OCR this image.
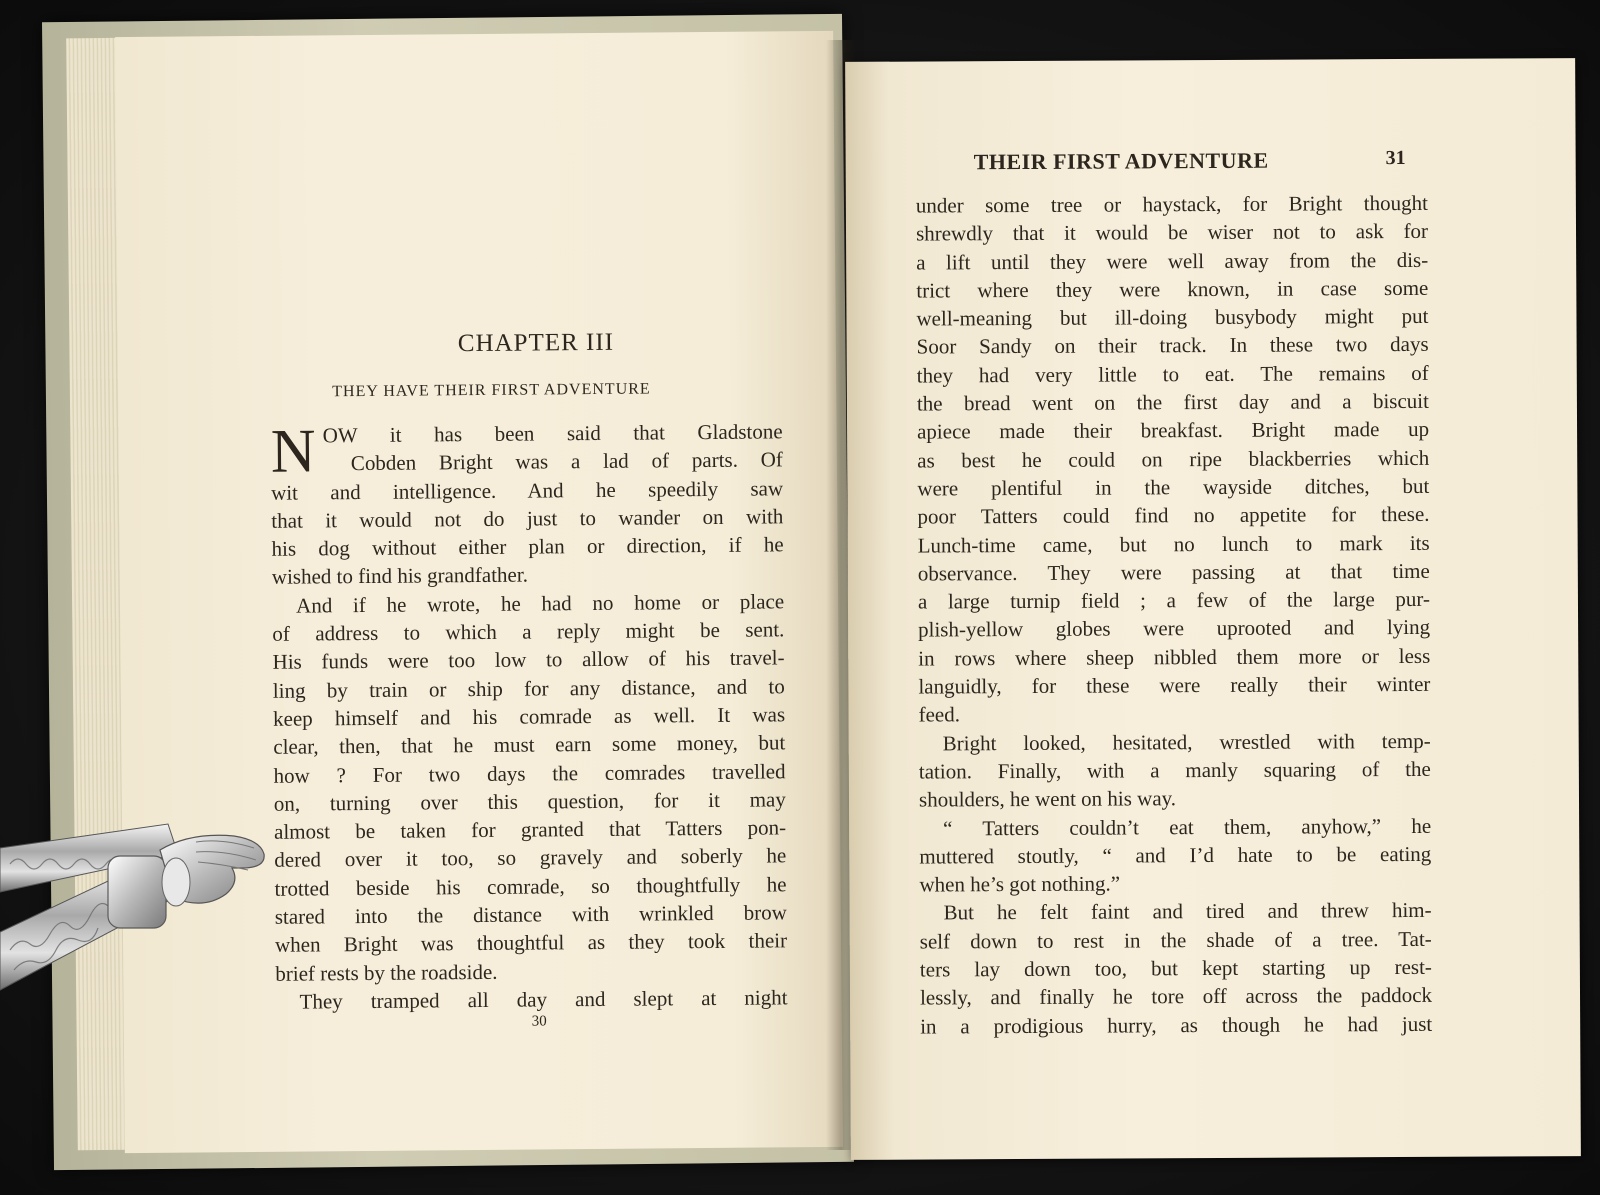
CHAPTER III
THEY HAVE THEIR FIRST ADVENTURE
N OW it has been said that Gladstone
Cobden Bright was a lad of parts. Of
wit and intelligence. And he speedily saw
that it would not do just to wander on with
his dog without either plan or direction, if he
wished to find his grandfather.
And if he wrote, he had no home or place
of address to which a reply might be sent.
His funds were too low to allow of his travel-
ling by train or ship for any distance, and to
keep himself and his comrade as well. It was
clear, then, that he must earn some money, but
how ? For two days the comrades travelled
on, turning over this question, for it may
almost be taken for granted that Tatters pon-
dered over it too, so gravely and soberly he
trotted beside his comrade, so thoughtfully he
stared into the distance with wrinkled brow
when Bright was thoughtful as they took their
brief rests by the roadside.
They tramped all day and slept at night
30
THEIR FIRST ADVENTURE	31
under some tree or haystack, for Bright thought
shrewdly that it would be wiser not to ask for
a lift until they were well away from the dis-
trict where they were known, in case some
well-meaning but ill-doing busybody might put
Soor Sandy on their track. In these two days
they had very little to eat. The remains of
the bread went on the first day and a biscuit
apiece made their breakfast. Bright made up
as best he could on ripe blackberries which
were plentiful in the wayside ditches, but
poor Tatters could find no appetite for these.
Lunch-time came, but no lunch to mark its
observance. They were passing at that time
a large turnip field ; a few of the large pur-
plish-yellow globes were uprooted and lying
in rows where sheep nibbled them more or less
languidly, for these were really their winter
feed.
Bright looked, hesitated, wrestled with temp-
tation. Finally, with a manly squaring of the
shoulders, he went on his way.
“ Tatters couldn’t eat them, anyhow,” he
muttered stoutly, “ and I’d hate to be eating
when he’s got nothing.”
But he felt faint and tired and threw him-
self down to rest in the shade of a tree. Tat-
ters lay down too, but kept starting up rest-
lessly, and finally he tore off across the paddock
in a prodigious hurry, as though he had just
